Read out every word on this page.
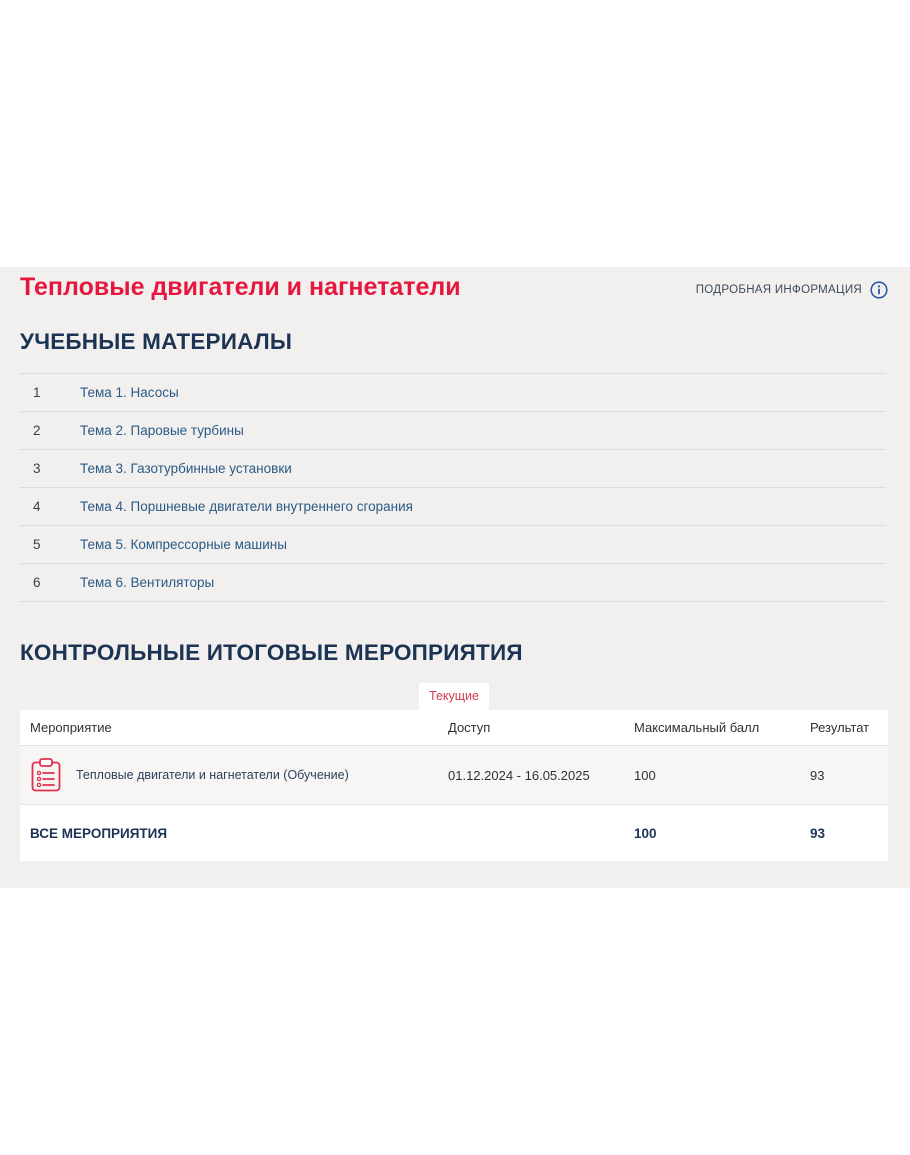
Тепловые двигатели и нагнетатели	ПОДРОБНАЯ ИНФОРМАЦИЯ
УЧЕБНЫЕ МАТЕРИАЛЫ
1	Тема 1. Насосы
2	Тема 2. Паровые турбины
3	Тема 3. Газотурбинные установки
4	Тема 4. Поршневые двигатели внутреннего сгорания
5	Тема 5. Компрессорные машины
6	Тема 6. Вентиляторы
КОНТРОЛЬНЫЕ ИТОГОВЫЕ МЕРОПРИЯТИЯ
Текущие
Мероприятие	Доступ	Максимальный балл	Результат

Тепловые двигатели и нагнетатели (Обучение)	01.12.2024 - 16.05.2025	100	93
ВСЕ МЕРОПРИЯТИЯ		100	93
